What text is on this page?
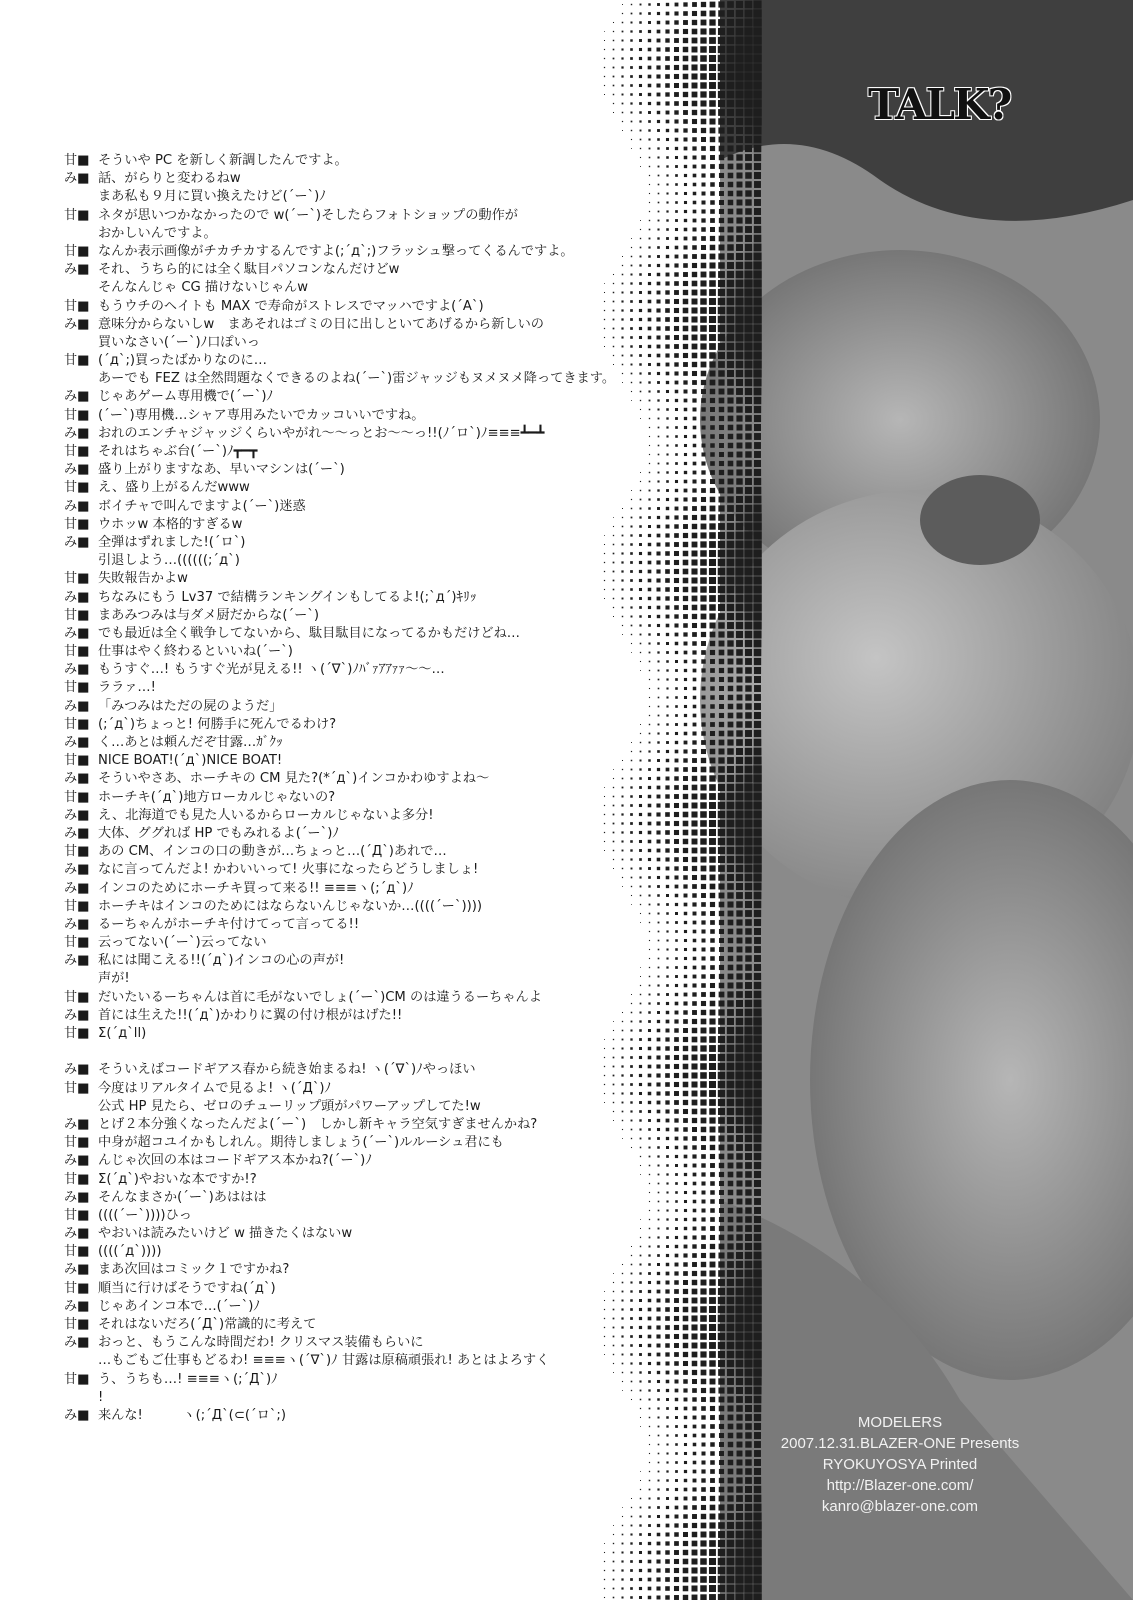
TALK?
甘■ そういや PC を新しく新調したんですよ。
み■ 話、がらりと変わるねw
まあ私も９月に買い換えたけど(´ー`)ﾉ
甘■ ネタが思いつかなかったので w(´ー`)そしたらフォトショップの動作が
おかしいんですよ。
甘■ なんか表示画像がチカチカするんですよ(;´д`;)フラッシュ撃ってくるんですよ。
み■ それ、うちら的には全く駄目パソコンなんだけどw
そんなんじゃ CG 描けないじゃんw
甘■ もうウチのヘイトも MAX で寿命がストレスでマッハですよ(´A`)
み■ 意味分からないしw　まあそれはゴミの日に出しといてあげるから新しいの
買いなさい(´ー`)ﾉ口ぽいっ
甘■ (´д`;)買ったばかりなのに…
あーでも FEZ は全然問題なくできるのよね(´ー`)雷ジャッジもヌメヌメ降ってきます。
み■ じゃあゲーム専用機で(´ー`)ﾉ
甘■ (´ー`)専用機…シャア専用みたいでカッコいいですね。
み■ おれのエンチャジャッジくらいやがれ～～っとお～～っ!!(ﾉ´ロ`)ﾉ≡≡≡┻━┻
甘■ それはちゃぶ台(´ー`)ﾉ┳━┳
み■ 盛り上がりますなあ、早いマシンは(´ー`)
甘■ え、盛り上がるんだwww
み■ ボイチャで叫んでますよ(´ー`)迷惑
甘■ ウホッw 本格的すぎるw
み■ 全弾はずれました!(´ロ`)
引退しよう…((((((;´д`)
甘■ 失敗報告かよw
み■ ちなみにもう Lv37 で結構ランキングインもしてるよ!(;`д´)ｷﾘｯ
甘■ まあみつみは与ダメ厨だからな(´ー`)
み■ でも最近は全く戦争してないから、駄目駄目になってるかもだけどね…
甘■ 仕事はやく終わるといいね(´ー`)
み■ もうすぐ…! もうすぐ光が見える!! ヽ(´∇`)ﾉﾊﾞｧｱｱｧｧ～～…
甘■ ララァ…!
み■ 「みつみはただの屍のようだ」
甘■ (;´д`)ちょっと! 何勝手に死んでるわけ?
み■ く…あとは頼んだぞ甘露…ｶﾞｸｯ
甘■ NICE BOAT!(´д`)NICE BOAT!
み■ そういやさあ、ホーチキの CM 見た?(*´д`)インコかわゆすよね～
甘■ ホーチキ(´д`)地方ローカルじゃないの?
み■ え、北海道でも見た人いるからローカルじゃないよ多分!
み■ 大体、ググれば HP でもみれるよ(´ー`)ﾉ
甘■ あの CM、インコの口の動きが…ちょっと…(´Д`)あれで…
み■ なに言ってんだよ! かわいいって! 火事になったらどうしましょ!
み■ インコのためにホーチキ買って来る!! ≡≡≡ヽ(;´д`)ﾉ
甘■ ホーチキはインコのためにはならないんじゃないか…((((´ー`))))
み■ るーちゃんがホーチキ付けてって言ってる!!
甘■ 云ってない(´ー`)云ってない
み■ 私には聞こえる!!(´д`)インコの心の声が!
声が!
甘■ だいたいるーちゃんは首に毛がないでしょ(´ー`)CM のは違うるーちゃんよ
み■ 首には生えた!!(´д`)かわりに翼の付け根がはげた!!
甘■ Σ(´д`ll)
み■ そういえばコードギアス春から続き始まるね! ヽ(´∇`)ﾉやっほい
甘■ 今度はリアルタイムで見るよ! ヽ(´Д`)ﾉ
公式 HP 見たら、ゼロのチューリップ頭がパワーアップしてた!w
み■ とげ２本分強くなったんだよ(´ー`)　しかし新キャラ空気すぎませんかね?
甘■ 中身が超コユイかもしれん。期待しましょう(´ー`)ルルーシュ君にも
み■ んじゃ次回の本はコードギアス本かね?(´ー`)ﾉ
甘■ Σ(´д`)やおいな本ですか!?
み■ そんなまさか(´ー`)あははは
甘■ ((((´ー`))))ひっ
み■ やおいは読みたいけど w 描きたくはないw
甘■ ((((´д`))))
み■ まあ次回はコミック１ですかね?
甘■ 順当に行けばそうですね(´д`)
み■ じゃあインコ本で…(´ー`)ﾉ
甘■ それはないだろ(´Д`)常識的に考えて
み■ おっと、もうこんな時間だわ! クリスマス装備もらいに
…もごもご仕事もどるわ! ≡≡≡ヽ(´∇`)ﾉ 甘露は原稿頑張れ! あとはよろすく
甘■ う、うちも…! ≡≡≡ヽ(;´Д`)ﾉ
!
み■ 来んな!　　　ヽ(;´Д`(⊂(´ロ`;)	MODELERS
2007.12.31.BLAZER-ONE Presents
RYOKUYOSYA Printed
http://Blazer-one.com/
kanro@blazer-one.com
